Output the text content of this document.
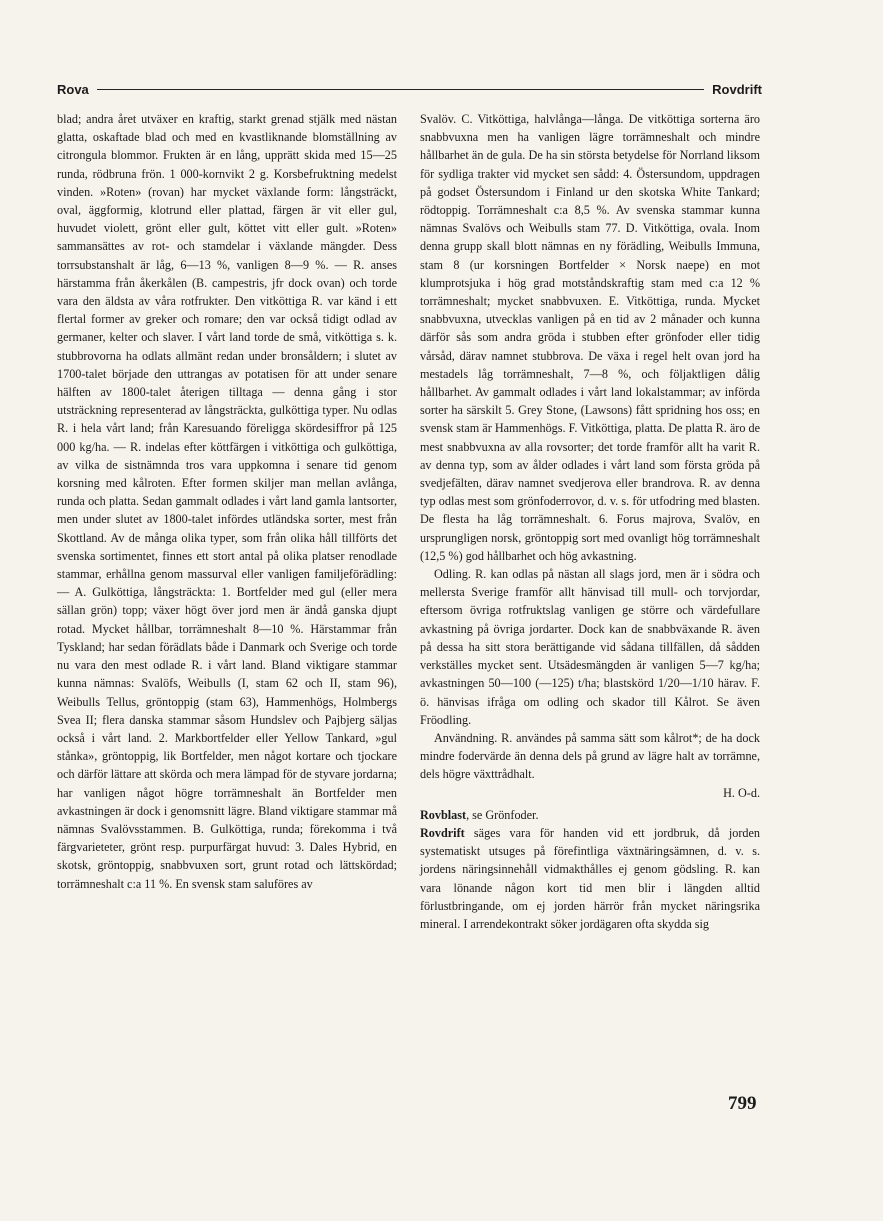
Rova	Rovdrift

blad; andra året utväxer en kraftig, starkt grenad stjälk med nästan glatta, oskaftade blad och med en kvastliknande blomställning av citrongula blommor. Frukten är en lång, upprätt skida med 15—25 runda, rödbruna frön. 1 000-kornvikt 2 g. Korsbefruktning medelst vinden. »Roten» (rovan) har mycket växlande form: långsträckt, oval, äggformig, klotrund eller plattad, färgen är vit eller gul, huvudet violett, grönt eller gult, köttet vitt eller gult. »Roten» sammansättes av rot- och stamdelar i växlande mängder. Dess torrsubstanshalt är låg, 6—13 %, vanligen 8—9 %. — R. anses härstamma från åkerkålen (B. campestris, jfr dock ovan) och torde vara den äldsta av våra rotfrukter. Den vitköttiga R. var känd i ett flertal former av greker och romare; den var också tidigt odlad av germaner, kelter och slaver. I vårt land torde de små, vitköttiga s. k. stubbrovorna ha odlats allmänt redan under bronsåldern; i slutet av 1700-talet började den uttrangas av potatisen för att under senare hälften av 1800-talet återigen tilltaga — denna gång i stor utsträckning representerad av långsträckta, gulköttiga typer. Nu odlas R. i hela vårt land; från Karesuando föreligga skördesiffror på 125 000 kg/ha. — R. indelas efter köttfärgen i vitköttiga och gulköttiga, av vilka de sistnämnda tros vara uppkomna i senare tid genom korsning med kålroten. Efter formen skiljer man mellan avlånga, runda och platta. Sedan gammalt odlades i vårt land gamla lantsorter, men under slutet av 1800-talet infördes utländska sorter, mest från Skottland. Av de många olika typer, som från olika håll tillförts det svenska sortimentet, finnes ett stort antal på olika platser renodlade stammar, erhållna genom massurval eller vanligen familjeförädling: — A. Gulköttiga, långsträckta: 1. Bortfelder med gul (eller mera sällan grön) topp; växer högt över jord men är ändå ganska djupt rotad. Mycket hållbar, torrämneshalt 8—10 %. Härstammar från Tyskland; har sedan förädlats både i Danmark och Sverige och torde nu vara den mest odlade R. i vårt land. Bland viktigare stammar kunna nämnas: Svalöfs, Weibulls (I, stam 62 och II, stam 96), Weibulls Tellus, gröntoppig (stam 63), Hammenhögs, Holmbergs Svea II; flera danska stammar såsom Hundslev och Pajbjerg säljas också i vårt land. 2. Markbortfelder eller Yellow Tankard, »gul stånka», gröntoppig, lik Bortfelder, men något kortare och tjockare och därför lättare att skörda och mera lämpad för de styvare jordarna; har vanligen något högre torrämneshalt än Bortfelder men avkastningen är dock i genomsnitt lägre. Bland viktigare stammar må nämnas Svalövsstammen. B. Gulköttiga, runda; förekomma i två färgvarieteter, grönt resp. purpurfärgat huvud: 3. Dales Hybrid, en skotsk, gröntoppig, snabbvuxen sort, grunt rotad och lättskördad; torrämneshalt c:a 11 %. En svensk stam saluföres av

Svalöv. C. Vitköttiga, halvlånga—långa. De vitköttiga sorterna äro snabbvuxna men ha vanligen lägre torrämneshalt och mindre hållbarhet än de gula. De ha sin största betydelse för Norrland liksom för sydliga trakter vid mycket sen sådd: 4. Östersundom, uppdragen på godset Östersundom i Finland ur den skotska White Tankard; rödtoppig. Torrämneshalt c:a 8,5 %. Av svenska stammar kunna nämnas Svalövs och Weibulls stam 77. D. Vitköttiga, ovala. Inom denna grupp skall blott nämnas en ny förädling, Weibulls Immuna, stam 8 (ur korsningen Bortfelder × Norsk naepe) en mot klumprotsjuka i hög grad motståndskraftig stam med c:a 12 % torrämneshalt; mycket snabbvuxen. E. Vitköttiga, runda. Mycket snabbvuxna, utvecklas vanligen på en tid av 2 månader och kunna därför sås som andra gröda i stubben efter grönfoder eller tidig vårsåd, därav namnet stubbrova. De växa i regel helt ovan jord ha mestadels låg torrämneshalt, 7—8 %, och följaktligen dålig hållbarhet. Av gammalt odlades i vårt land lokalstammar; av införda sorter ha särskilt 5. Grey Stone, (Lawsons) fått spridning hos oss; en svensk stam är Hammenhögs. F. Vitköttiga, platta. De platta R. äro de mest snabbvuxna av alla rovsorter; det torde framför allt ha varit R. av denna typ, som av ålder odlades i vårt land som första gröda på svedjefälten, därav namnet svedjerova eller brandrova. R. av denna typ odlas mest som grönfoderrovor, d. v. s. för utfodring med blasten. De flesta ha låg torrämneshalt. 6. Forus majrova, Svalöv, en ursprungligen norsk, gröntoppig sort med ovanligt hög torrämneshalt (12,5 %) god hållbarhet och hög avkastning.

Odling. R. kan odlas på nästan all slags jord, men är i södra och mellersta Sverige framför allt hänvisad till mull- och torvjordar, eftersom övriga rotfruktslag vanligen ge större och värdefullare avkastning på övriga jordarter. Dock kan de snabbväxande R. även på dessa ha sitt stora berättigande vid sådana tillfällen, då sådden verkställes mycket sent. Utsädesmängden är vanligen 5—7 kg/ha; avkastningen 50—100 (—125) t/ha; blastskörd 1/20—1/10 härav. F. ö. hänvisas ifråga om odling och skador till Kålrot. Se även Fröodling.

Användning. R. användes på samma sätt som kålrot*; de ha dock mindre fodervärde än denna dels på grund av lägre halt av torrämne, dels högre växttrådhalt.

H. O-d.

Rovblast, se Grönfoder.

Rovdrift säges vara för handen vid ett jordbruk, då jorden systematiskt utsuges på förefintliga växtnäringsämnen, d. v. s. jordens näringsinnehåll vidmakthålles ej genom gödsling. R. kan vara lönande någon kort tid men blir i längden alltid förlustbringande, om ej jorden härrör från mycket näringsrika mineral. I arrendekontrakt söker jordägaren ofta skydda sig

799
